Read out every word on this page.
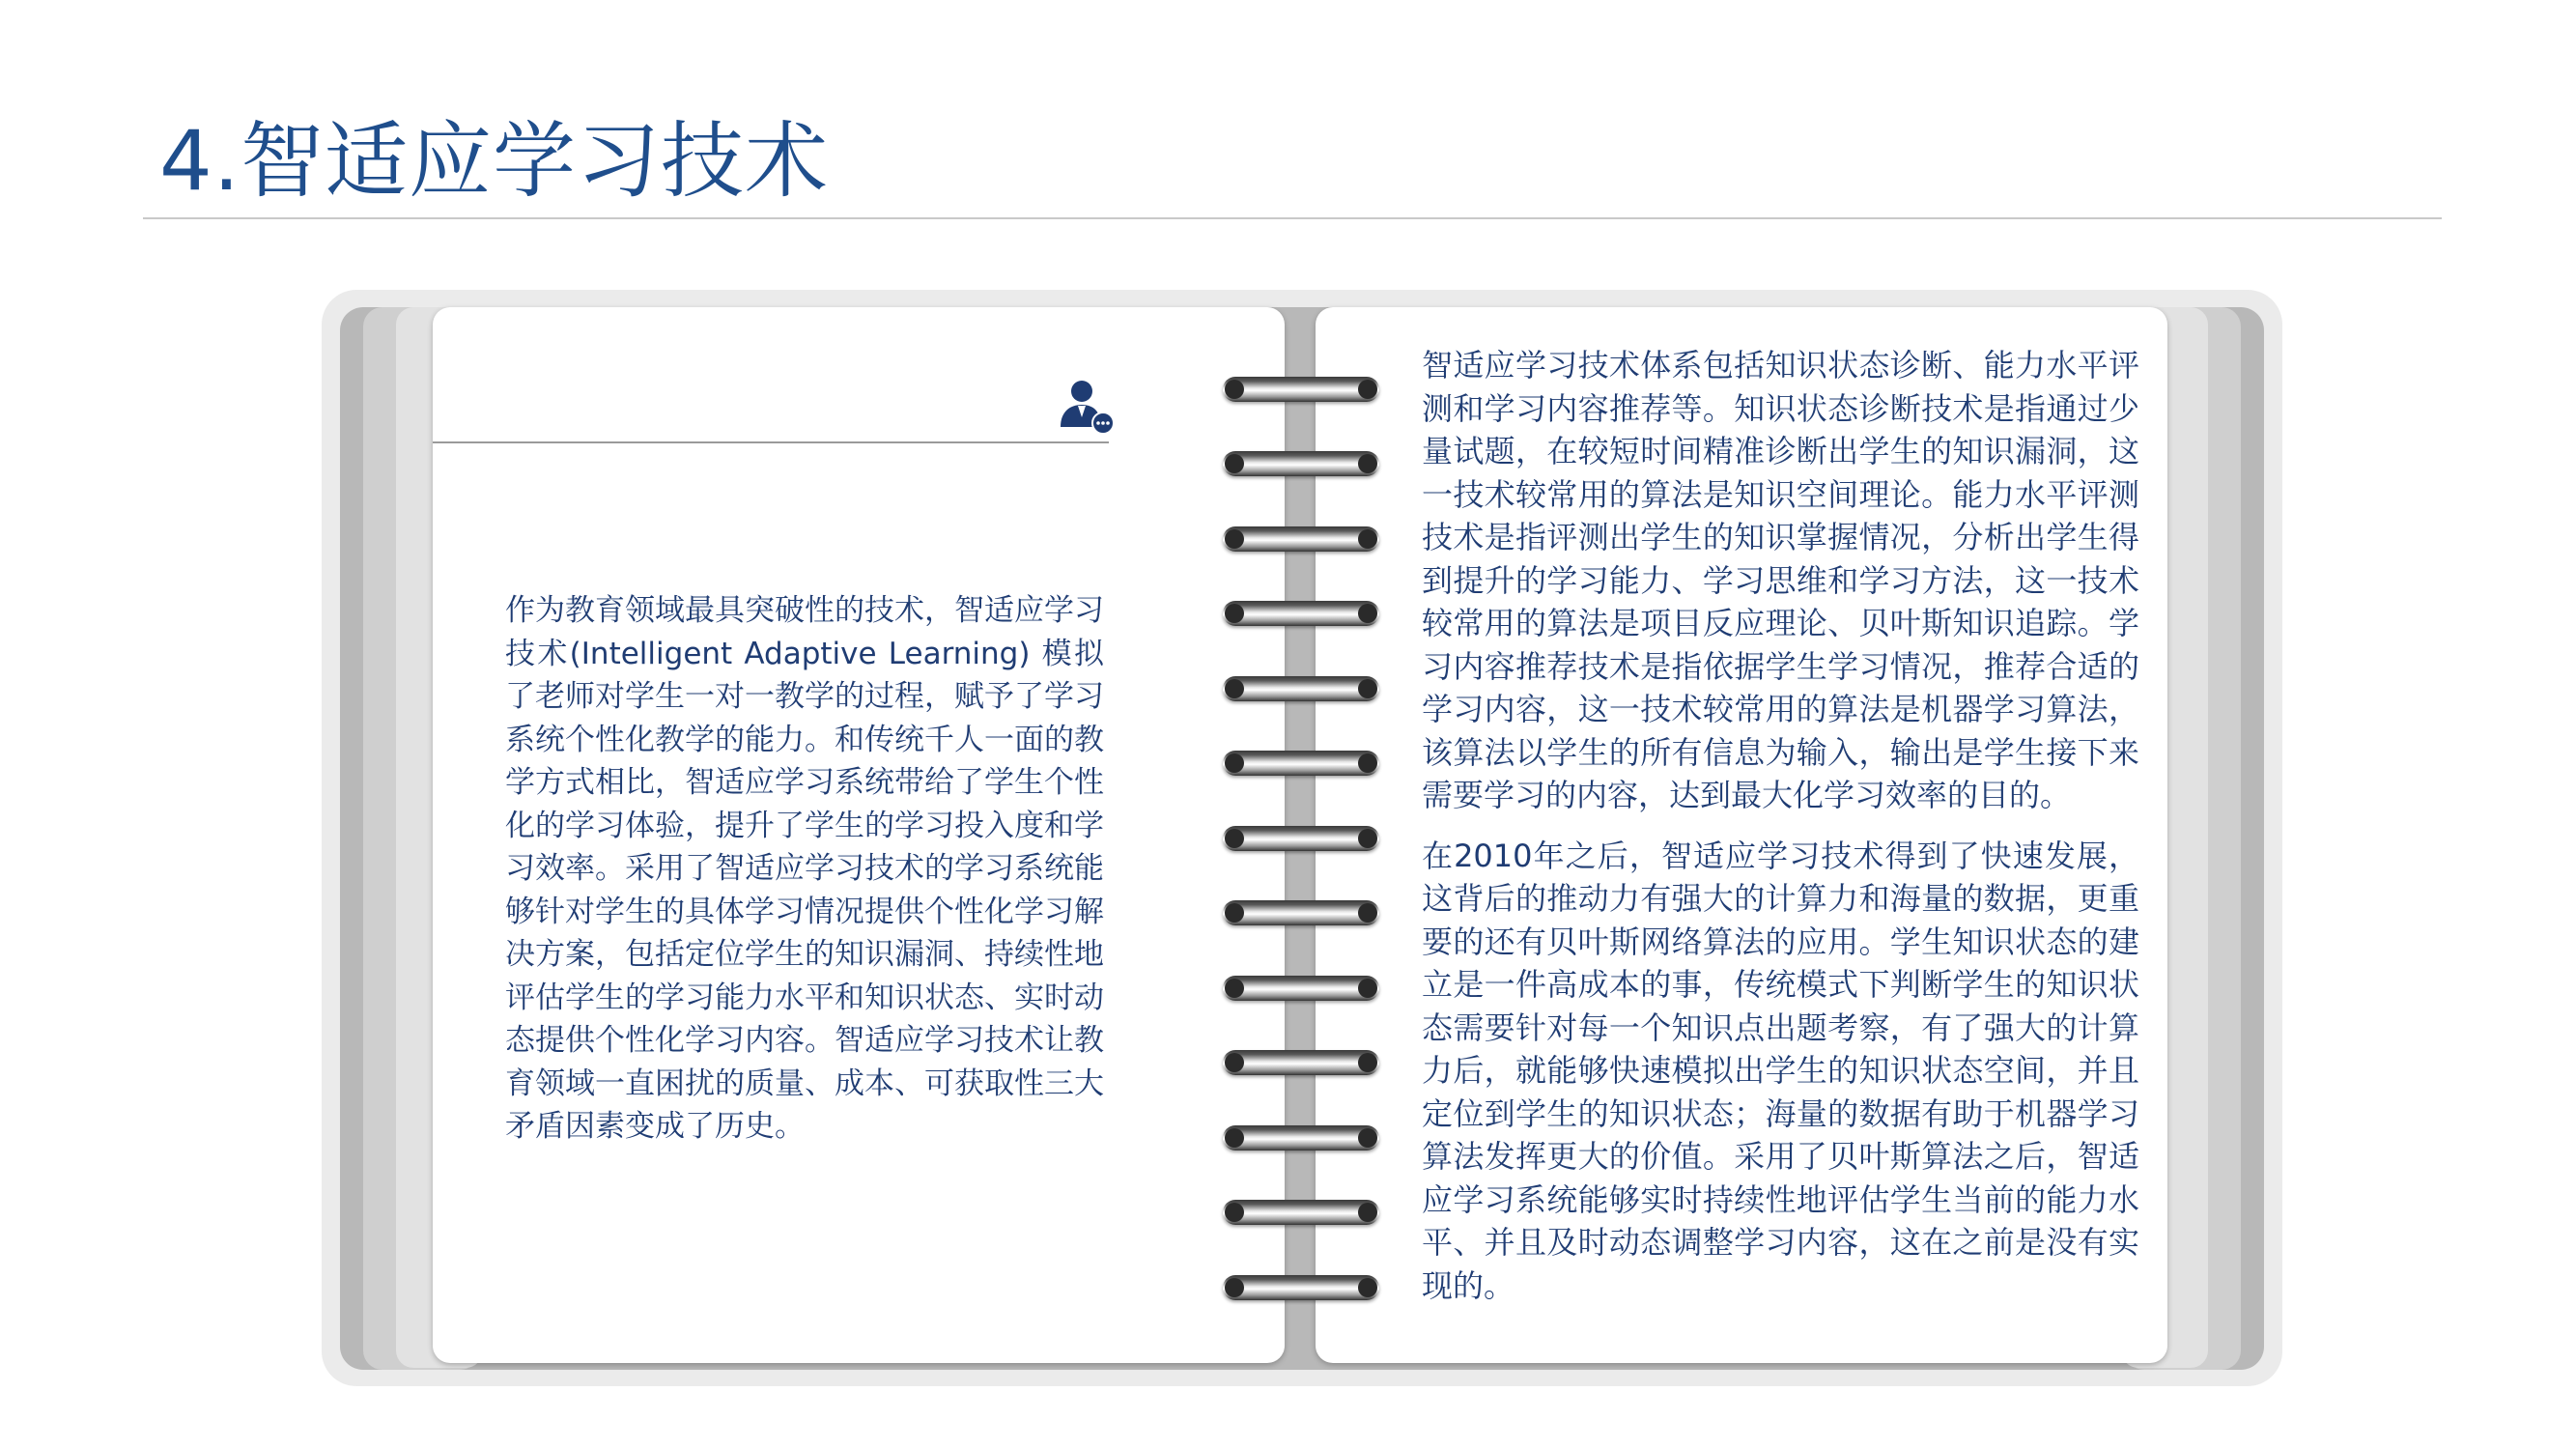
4.智适应学习技术

作为教育领域最具突破性的技术，智适应学习技术(Intelligent Adaptive Learning) 模拟了老师对学生一对一教学的过程，赋予了学习系统个性化教学的能力。和传统千人一面的教学方式相比，智适应学习系统带给了学生个性化的学习体验，提升了学生的学习投入度和学习效率。采用了智适应学习技术的学习系统能够针对学生的具体学习情况提供个性化学习解决方案，包括定位学生的知识漏洞、持续性地评估学生的学习能力水平和知识状态、实时动态提供个性化学习内容。智适应学习技术让教育领域一直困扰的质量、成本、可获取性三大矛盾因素变成了历史。

智适应学习技术体系包括知识状态诊断、能力水平评测和学习内容推荐等。知识状态诊断技术是指通过少量试题，在较短时间精准诊断出学生的知识漏洞，这一技术较常用的算法是知识空间理论。能力水平评测技术是指评测出学生的知识掌握情况，分析出学生得到提升的学习能力、学习思维和学习方法，这一技术较常用的算法是项目反应理论、贝叶斯知识追踪。学习内容推荐技术是指依据学生学习情况，推荐合适的学习内容，这一技术较常用的算法是机器学习算法，该算法以学生的所有信息为输入，输出是学生接下来需要学习的内容，达到最大化学习效率的目的。

在2010年之后，智适应学习技术得到了快速发展，这背后的推动力有强大的计算力和海量的数据，更重要的还有贝叶斯网络算法的应用。学生知识状态的建立是一件高成本的事，传统模式下判断学生的知识状态需要针对每一个知识点出题考察，有了强大的计算力后，就能够快速模拟出学生的知识状态空间，并且定位到学生的知识状态；海量的数据有助于机器学习算法发挥更大的价值。采用了贝叶斯算法之后，智适应学习系统能够实时持续性地评估学生当前的能力水平、并且及时动态调整学习内容，这在之前是没有实现的。
